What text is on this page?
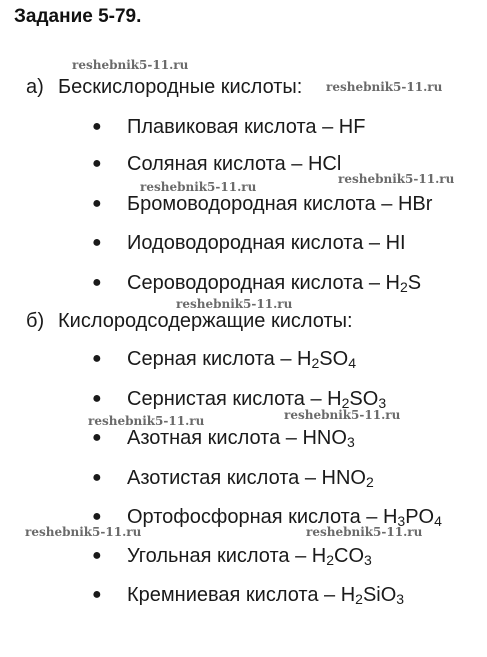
Задание 5-79.
а) Бескислородные кислоты:
● Плавиковая кислота – HF
● Соляная кислота – HCl
● Бромоводородная кислота – HBr
● Иодоводородная кислота – HI
● Сероводородная кислота – $H_2S$
б) Кислородсодержащие кислоты:
● Серная кислота – $H_2SO_4$
● Сернистая кислота – $H_2SO_3$
● Азотная кислота – $HNO_3$
● Азотистая кислота – $HNO_2$
● Ортофосфорная кислота – $H_3PO_4$
● Угольная кислота – $H_2CO_3$
● Кремниевая кислота – $H_2SiO_3$
reshebnik5-11.ru
reshebnik5-11.ru
reshebnik5-11.ru
reshebnik5-11.ru
reshebnik5-11.ru
reshebnik5-11.ru
reshebnik5-11.ru
reshebnik5-11.ru	reshebnik5-11.ru
